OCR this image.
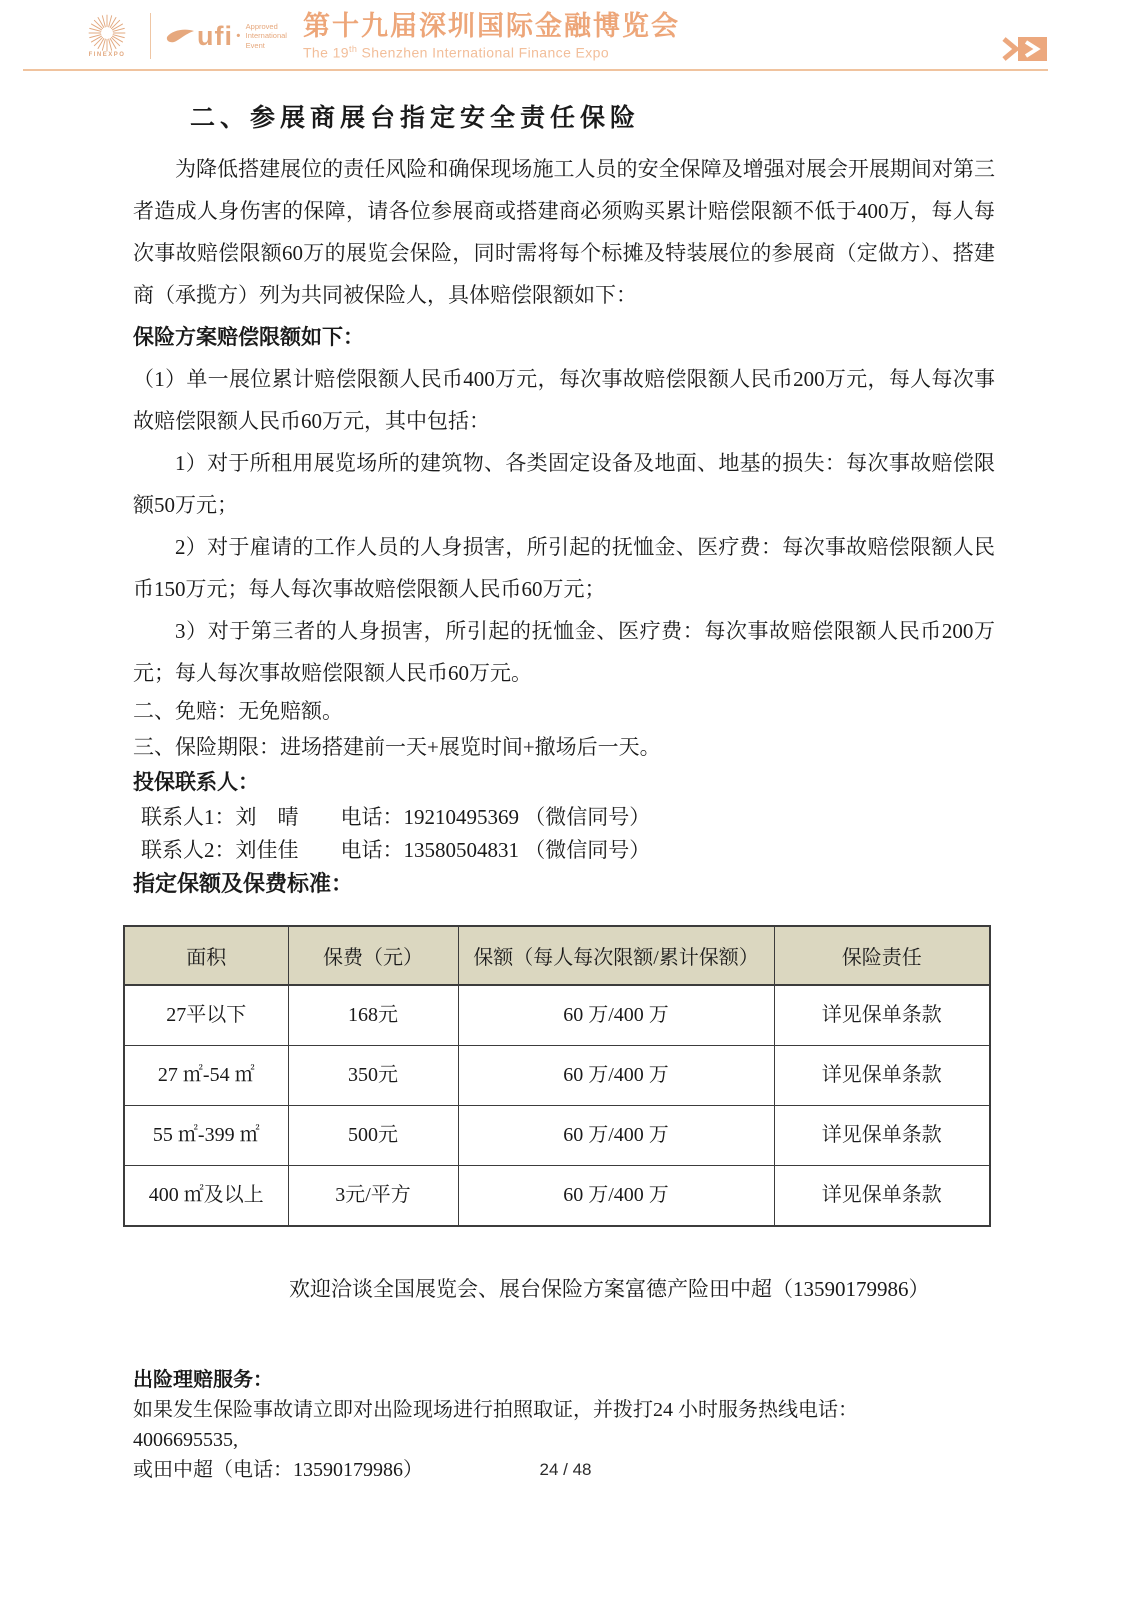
FINEXPO
ufi · Approved
International
Event
第十九届深圳国际金融博览会
The 19th Shenzhen International Finance Expo
二、参展商展台指定安全责任保险

为降低搭建展位的责任风险和确保现场施工人员的安全保障及增强对展会开展期间对第三者造成人身伤害的保障，请各位参展商或搭建商必须购买累计赔偿限额不低于400万，每人每次事故赔偿限额60万的展览会保险，同时需将每个标摊及特装展位的参展商（定做方）、搭建商（承揽方）列为共同被保险人，具体赔偿限额如下：

保险方案赔偿限额如下：

（1）单一展位累计赔偿限额人民币400万元，每次事故赔偿限额人民币200万元，每人每次事故赔偿限额人民币60万元，其中包括：

1）对于所租用展览场所的建筑物、各类固定设备及地面、地基的损失：每次事故赔偿限额50万元；

2）对于雇请的工作人员的人身损害，所引起的抚恤金、医疗费：每次事故赔偿限额人民币150万元；每人每次事故赔偿限额人民币60万元；

3）对于第三者的人身损害，所引起的抚恤金、医疗费：每次事故赔偿限额人民币200万元；每人每次事故赔偿限额人民币60万元。

二、免赔：无免赔额。

三、保险期限：进场搭建前一天+展览时间+撤场后一天。

投保联系人：

联系人1：刘　晴　　电话：19210495369 （微信同号）
联系人2：刘佳佳　　电话：13580504831 （微信同号）
指定保额及保费标准：
面积	保费（元）	保额（每人每次限额/累计保额）	保险责任
27平以下	168元	60 万/400 万	详见保单条款
27 ㎡-54 ㎡	350元	60 万/400 万	详见保单条款
55 ㎡-399 ㎡	500元	60 万/400 万	详见保单条款
400 ㎡及以上	3元/平方	60 万/400 万	详见保单条款
欢迎洽谈全国展览会、展台保险方案富德产险田中超（13590179986）
出险理赔服务：
如果发生保险事故请立即对出险现场进行拍照取证，并拨打24 小时服务热线电话：
4006695535,
或田中超（电话：13590179986）	24 / 48
